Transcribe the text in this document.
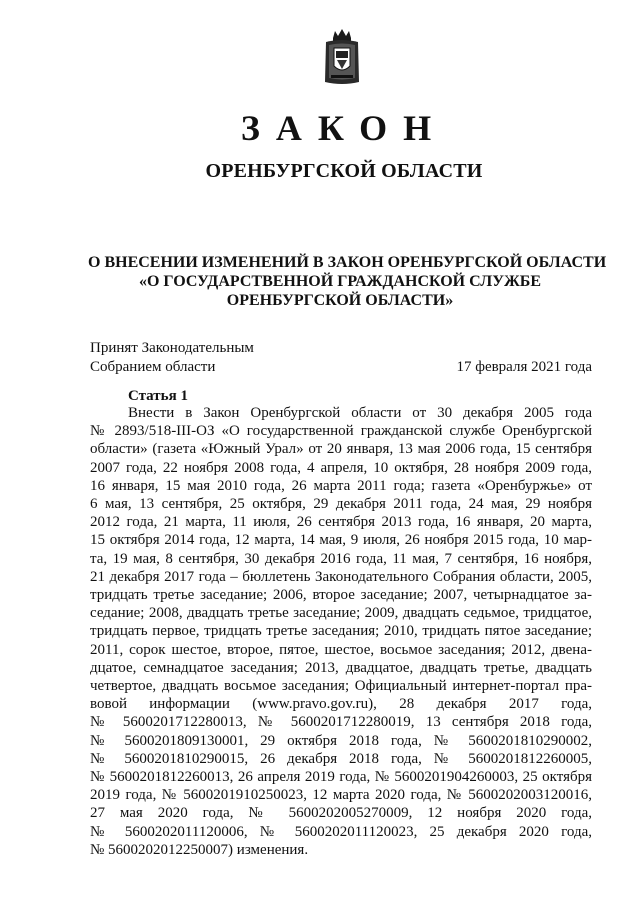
ЗАКОН
ОРЕНБУРГСКОЙ ОБЛАСТИ
О ВНЕСЕНИИ ИЗМЕНЕНИЙ В ЗАКОН ОРЕНБУРГСКОЙ ОБЛАСТИ
«О ГОСУДАРСТВЕННОЙ ГРАЖДАНСКОЙ СЛУЖБЕ
ОРЕНБУРГСКОЙ ОБЛАСТИ»
Принят Законодательным
Собранием области	17 февраля 2021 года
Статья 1
Внести в Закон Оренбургской области от 30 декабря 2005 года
№ 2893/518-III-ОЗ «О государственной гражданской службе Оренбургской
области» (газета «Южный Урал» от 20 января, 13 мая 2006 года, 15 сентября
2007 года, 22 ноября 2008 года, 4 апреля, 10 октября, 28 ноября 2009 года,
16 января, 15 мая 2010 года, 26 марта 2011 года; газета «Оренбуржье» от
6 мая, 13 сентября, 25 октября, 29 декабря 2011 года, 24 мая, 29 ноября
2012 года, 21 марта, 11 июля, 26 сентября 2013 года, 16 января, 20 марта,
15 октября 2014 года, 12 марта, 14 мая, 9 июля, 26 ноября 2015 года, 10 мар-
та, 19 мая, 8 сентября, 30 декабря 2016 года, 11 мая, 7 сентября, 16 ноября,
21 декабря 2017 года – бюллетень Законодательного Собрания области, 2005,
тридцать третье заседание; 2006, второе заседание; 2007, четырнадцатое за-
седание; 2008, двадцать третье заседание; 2009, двадцать седьмое, тридцатое,
тридцать первое, тридцать третье заседания; 2010, тридцать пятое заседание;
2011, сорок шестое, второе, пятое, шестое, восьмое заседания; 2012, двена-
дцатое, семнадцатое заседания; 2013, двадцатое, двадцать третье, двадцать
четвертое, двадцать восьмое заседания; Официальный интернет-портал пра-
вовой информации (www.pravo.gov.ru), 28 декабря 2017 года,
№ 5600201712280013, № 5600201712280019, 13 сентября 2018 года,
№ 5600201809130001, 29 октября 2018 года, № 5600201810290002,
№ 5600201810290015, 26 декабря 2018 года, № 5600201812260005,
№ 5600201812260013, 26 апреля 2019 года, № 5600201904260003, 25 октября
2019 года, № 5600201910250023, 12 марта 2020 года, № 5600202003120016,
27 мая 2020 года, № 5600202005270009, 12 ноября 2020 года,
№ 5600202011120006, № 5600202011120023, 25 декабря 2020 года,
№ 5600202012250007) изменения.
